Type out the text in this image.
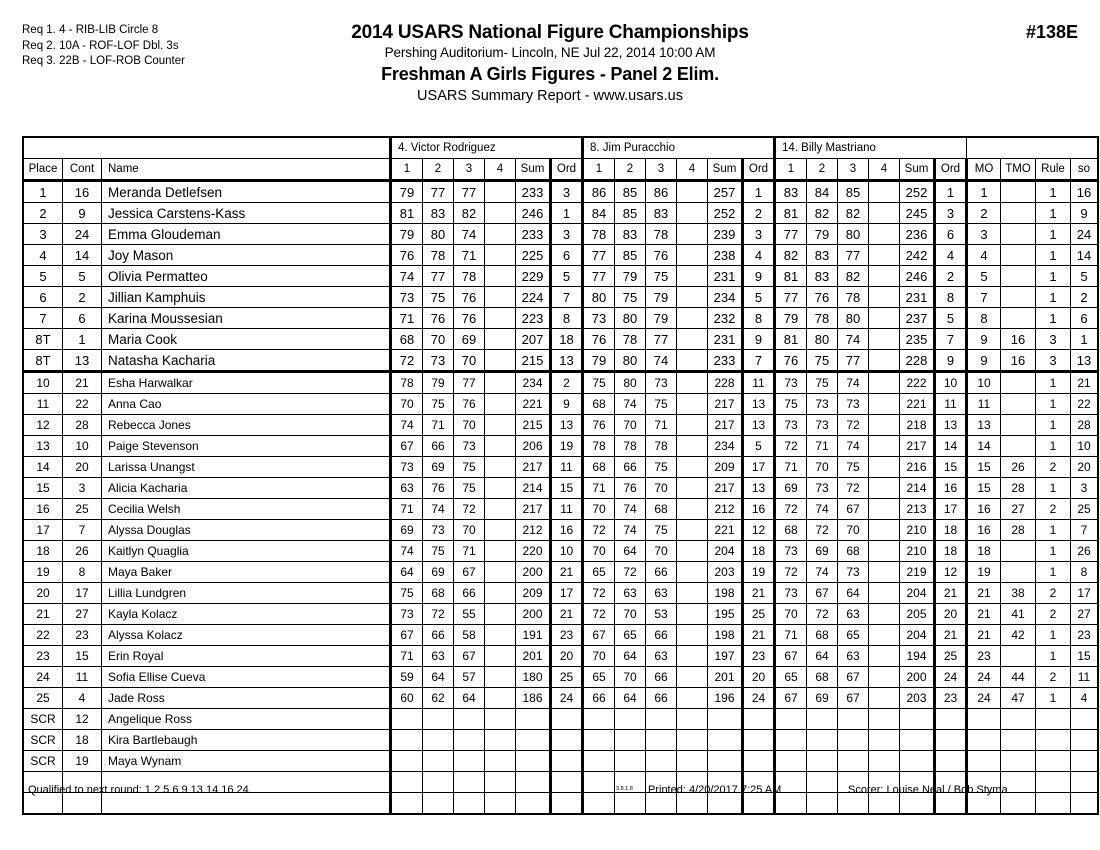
Req 1. 4 - RIB-LIB Circle 8
Req 2. 10A - ROF-LOF Dbl. 3s
Req 3. 22B - LOF-ROB Counter
2014 USARS National Figure Championships
Pershing Auditorium- Lincoln, NE Jul 22, 2014 10:00 AM
Freshman A Girls Figures - Panel 2 Elim.
USARS Summary Report - www.usars.us
#138E
			4. Victor Rodriguez						8. Jim Puracchio						14. Billy Mastriano									
Place	Cont	Name	1	2	3	4	Sum	Ord	1	2	3	4	Sum	Ord	1	2	3	4	Sum	Ord	MO	TMO	Rule	so
1	16	Meranda Detlefsen	79	77	77		233	3	86	85	86		257	1	83	84	85		252	1	1		1	16
2	9	Jessica Carstens-Kass	81	83	82		246	1	84	85	83		252	2	81	82	82		245	3	2		1	9
3	24	Emma Gloudeman	79	80	74		233	3	78	83	78		239	3	77	79	80		236	6	3		1	24
4	14	Joy Mason	76	78	71		225	6	77	85	76		238	4	82	83	77		242	4	4		1	14
5	5	Olivia Permatteo	74	77	78		229	5	77	79	75		231	9	81	83	82		246	2	5		1	5
6	2	Jillian Kamphuis	73	75	76		224	7	80	75	79		234	5	77	76	78		231	8	7		1	2
7	6	Karina Moussesian	71	76	76		223	8	73	80	79		232	8	79	78	80		237	5	8		1	6
8T	1	Maria Cook	68	70	69		207	18	76	78	77		231	9	81	80	74		235	7	9	16	3	1
8T	13	Natasha Kacharia	72	73	70		215	13	79	80	74		233	7	76	75	77		228	9	9	16	3	13
10	21	Esha Harwalkar	78	79	77		234	2	75	80	73		228	11	73	75	74		222	10	10		1	21
11	22	Anna Cao	70	75	76		221	9	68	74	75		217	13	75	73	73		221	11	11		1	22
12	28	Rebecca Jones	74	71	70		215	13	76	70	71		217	13	73	73	72		218	13	13		1	28
13	10	Paige Stevenson	67	66	73		206	19	78	78	78		234	5	72	71	74		217	14	14		1	10
14	20	Larissa Unangst	73	69	75		217	11	68	66	75		209	17	71	70	75		216	15	15	26	2	20
15	3	Alicia Kacharia	63	76	75		214	15	71	76	70		217	13	69	73	72		214	16	15	28	1	3
16	25	Cecilia Welsh	71	74	72		217	11	70	74	68		212	16	72	74	67		213	17	16	27	2	25
17	7	Alyssa Douglas	69	73	70		212	16	72	74	75		221	12	68	72	70		210	18	16	28	1	7
18	26	Kaitlyn Quaglia	74	75	71		220	10	70	64	70		204	18	73	69	68		210	18	18		1	26
19	8	Maya Baker	64	69	67		200	21	65	72	66		203	19	72	74	73		219	12	19		1	8
20	17	Lillia Lundgren	75	68	66		209	17	72	63	63		198	21	73	67	64		204	21	21	38	2	17
21	27	Kayla Kolacz	73	72	55		200	21	72	70	53		195	25	70	72	63		205	20	21	41	2	27
22	23	Alyssa Kolacz	67	66	58		191	23	67	65	66		198	21	71	68	65		204	21	21	42	1	23
23	15	Erin Royal	71	63	67		201	20	70	64	63		197	23	67	64	63		194	25	23		1	15
24	11	Sofia Ellise Cueva	59	64	57		180	25	65	70	66		201	20	65	68	67		200	24	24	44	2	11
25	4	Jade Ross	60	62	64		186	24	66	64	66		196	24	67	69	67		203	23	24	47	1	4
SCR	12	Angelique Ross																						
SCR	18	Kira Bartlebaugh																						
SCR	19	Maya Wynam																						

Qualified to next round: 1 2 5 6 9 13 14 16 24	3.8.1.8 Printed: 4/20/2017 7:25 AM	Scorer: Louise Neal / Bob Styma
